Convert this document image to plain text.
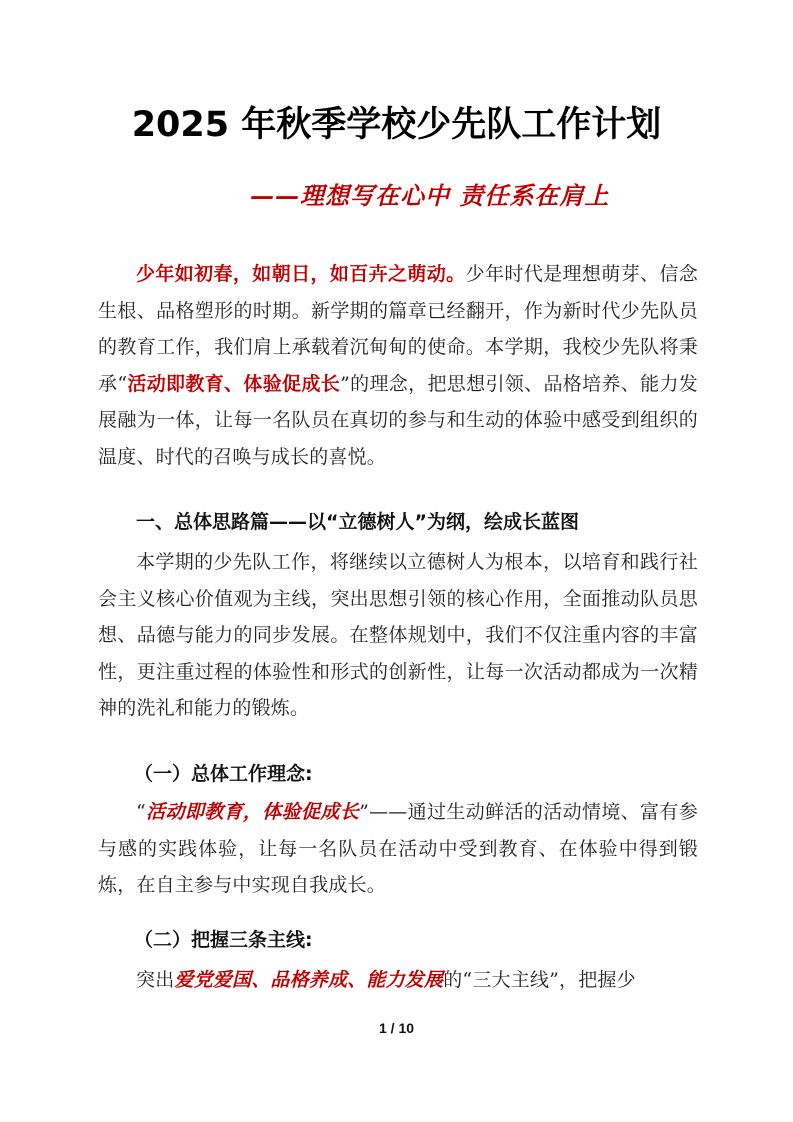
2025 年秋季学校少先队工作计划
——理想写在心中 责任系在肩上
少年如初春，如朝日，如百卉之萌动。少年时代是理想萌芽、信念生根、品格塑形的时期。新学期的篇章已经翻开，作为新时代少先队员的教育工作，我们肩上承载着沉甸甸的使命。本学期，我校少先队将秉承“活动即教育、体验促成长”的理念，把思想引领、品格培养、能力发展融为一体，让每一名队员在真切的参与和生动的体验中感受到组织的温度、时代的召唤与成长的喜悦。
一、总体思路篇——以“立德树人”为纲，绘成长蓝图
本学期的少先队工作，将继续以立德树人为根本，以培育和践行社会主义核心价值观为主线，突出思想引领的核心作用，全面推动队员思想、品德与能力的同步发展。在整体规划中，我们不仅注重内容的丰富性，更注重过程的体验性和形式的创新性，让每一次活动都成为一次精神的洗礼和能力的锻炼。
（一）总体工作理念:
“活动即教育，体验促成长”——通过生动鲜活的活动情境、富有参与感的实践体验，让每一名队员在活动中受到教育、在体验中得到锻炼，在自主参与中实现自我成长。
（二）把握三条主线:
突出爱党爱国、品格养成、能力发展的“三大主线”，把握少
1 / 10
